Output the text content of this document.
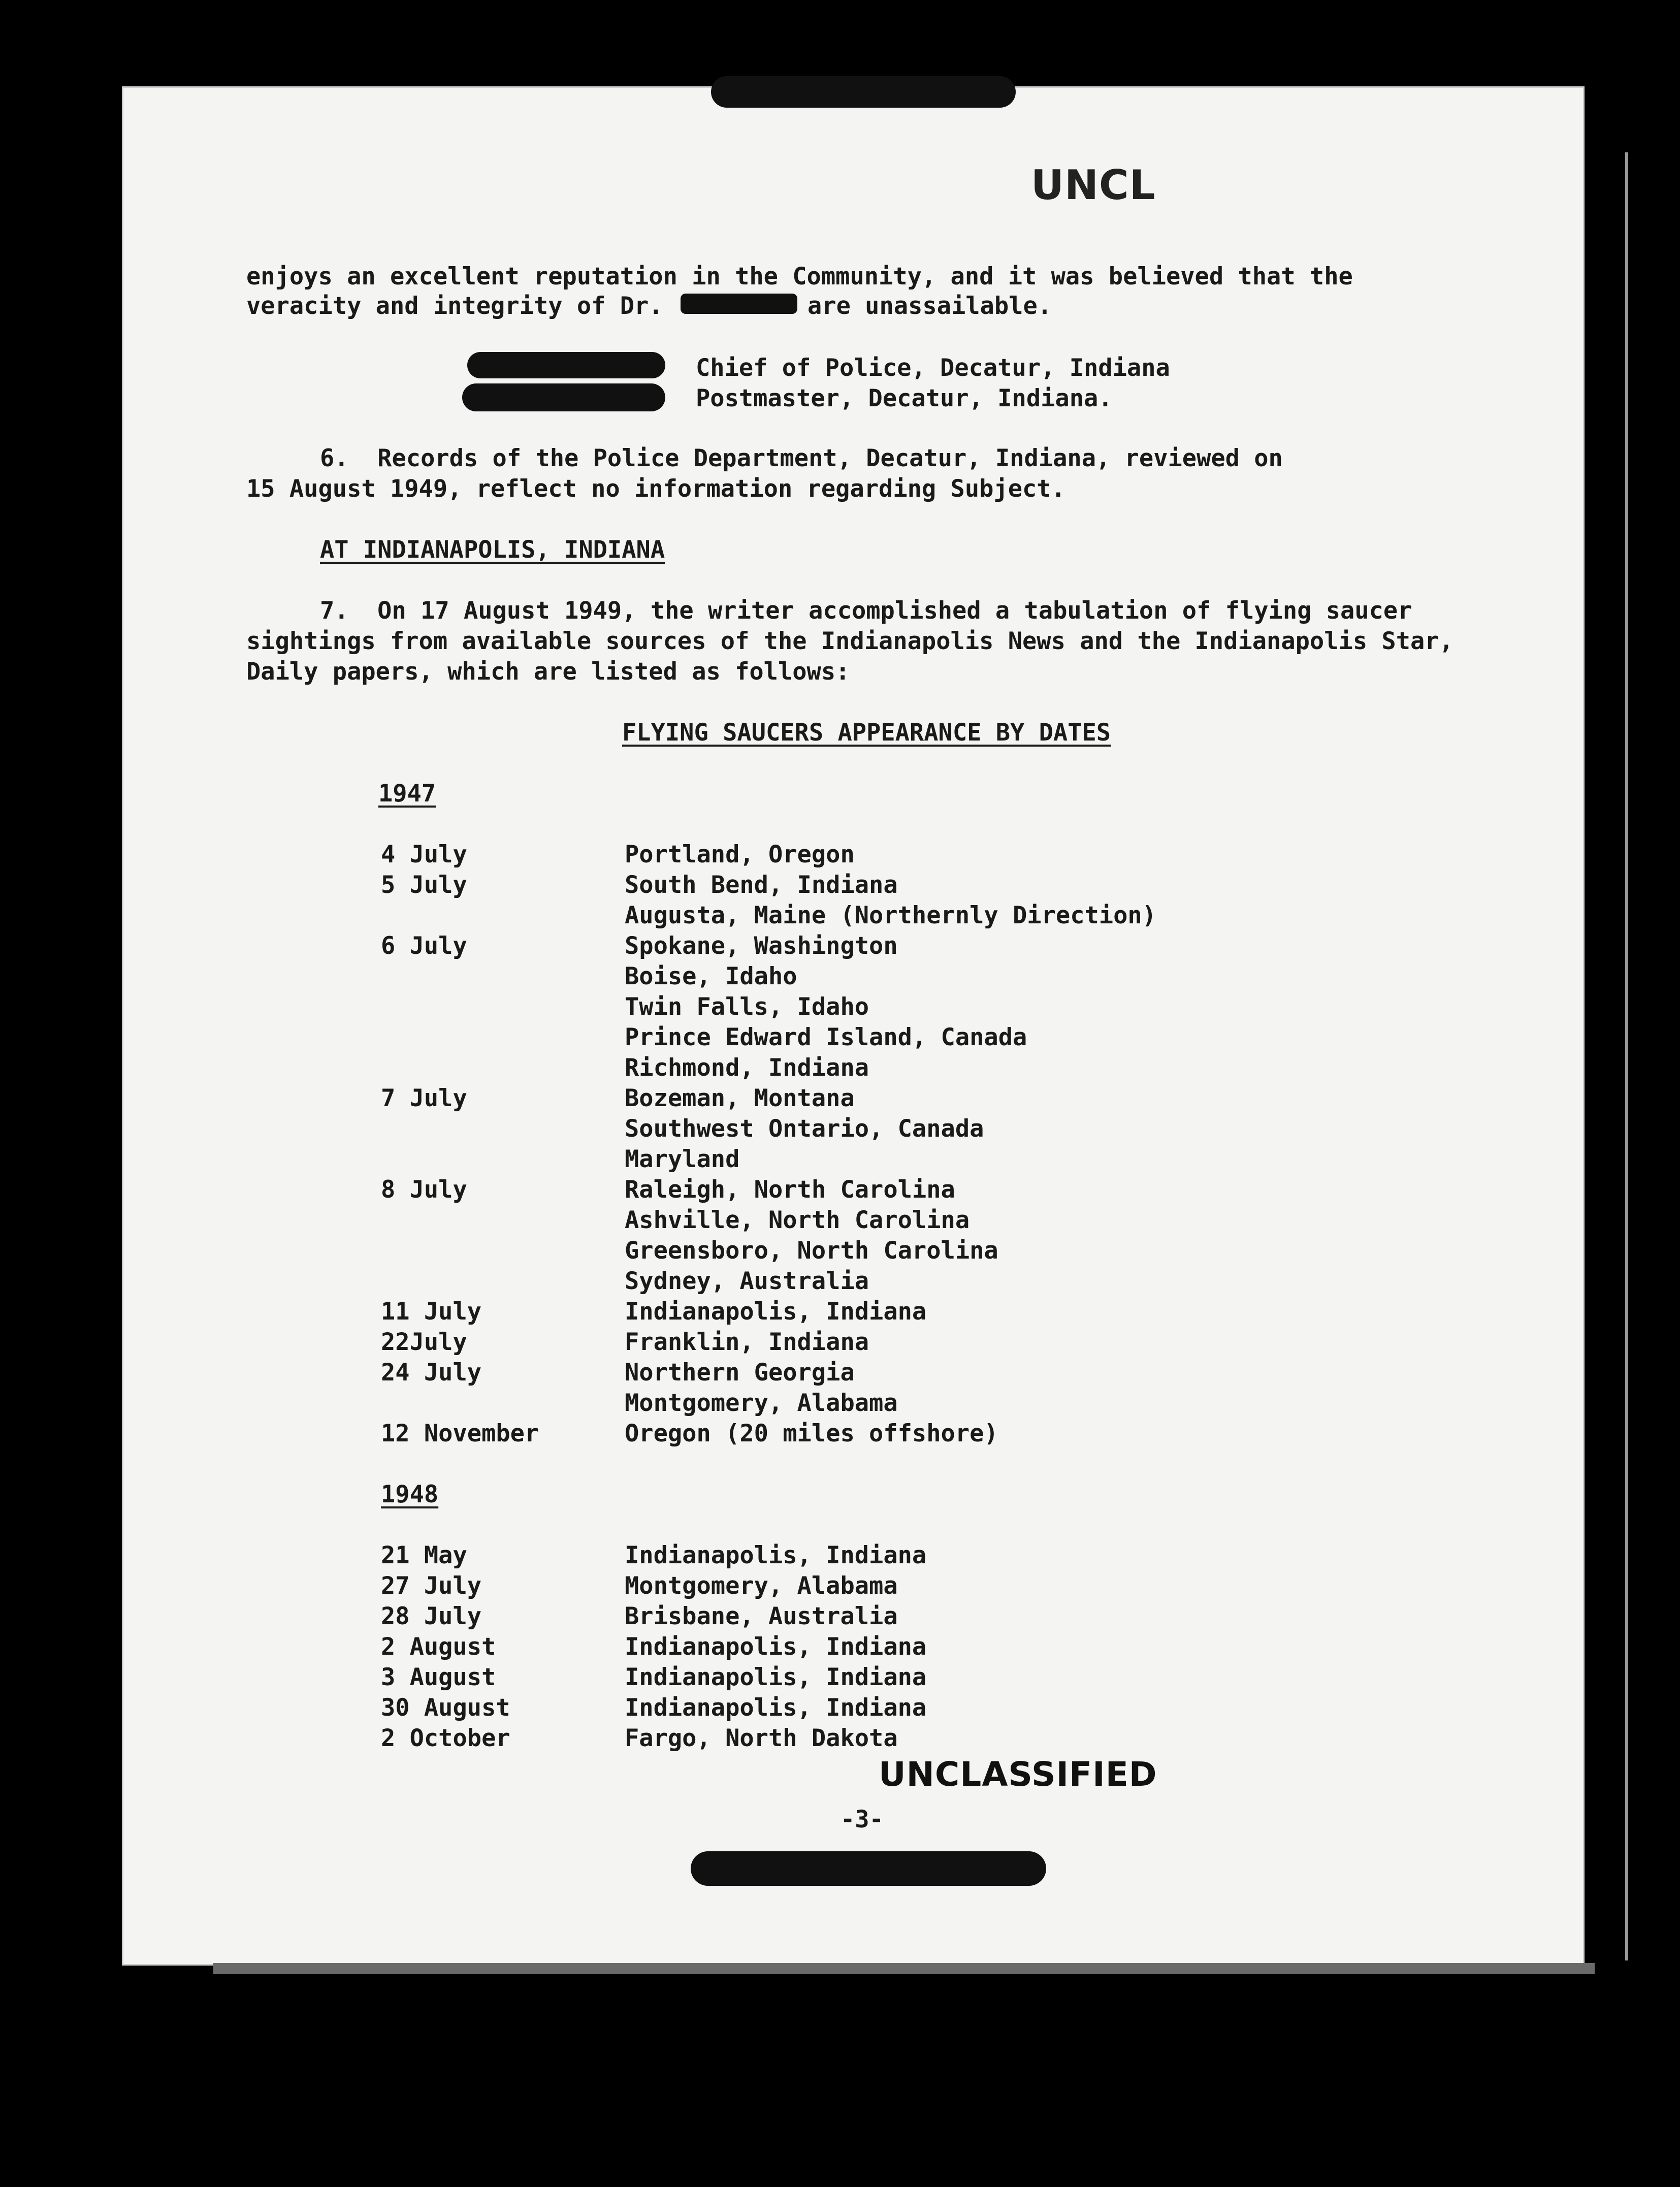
UNCL
enjoys an excellent reputation in the Community, and it was believed that the
veracity and integrity of Dr.	are unassailable.
Chief of Police, Decatur, Indiana
Postmaster, Decatur, Indiana.
6.  Records of the Police Department, Decatur, Indiana, reviewed on
15 August 1949, reflect no information regarding Subject.
AT INDIANAPOLIS, INDIANA
7.  On 17 August 1949, the writer accomplished a tabulation of flying saucer
sightings from available sources of the Indianapolis News and the Indianapolis Star,
Daily papers, which are listed as follows:
FLYING SAUCERS APPEARANCE BY DATES
1947
4 July	Portland, Oregon
5 July	South Bend, Indiana
Augusta, Maine (Northernly Direction)
6 July	Spokane, Washington
Boise, Idaho
Twin Falls, Idaho
Prince Edward Island, Canada
Richmond, Indiana
7 July	Bozeman, Montana
Southwest Ontario, Canada
Maryland
8 July	Raleigh, North Carolina
Ashville, North Carolina
Greensboro, North Carolina
Sydney, Australia
11 July	Indianapolis, Indiana
22July	Franklin, Indiana
24 July	Northern Georgia
Montgomery, Alabama
12 November	Oregon (20 miles offshore)
1948
21 May	Indianapolis, Indiana
27 July	Montgomery, Alabama
28 July	Brisbane, Australia
2 August	Indianapolis, Indiana
3 August	Indianapolis, Indiana
30 August	Indianapolis, Indiana
2 October	Fargo, North Dakota
UNCLASSIFIED
-3-
